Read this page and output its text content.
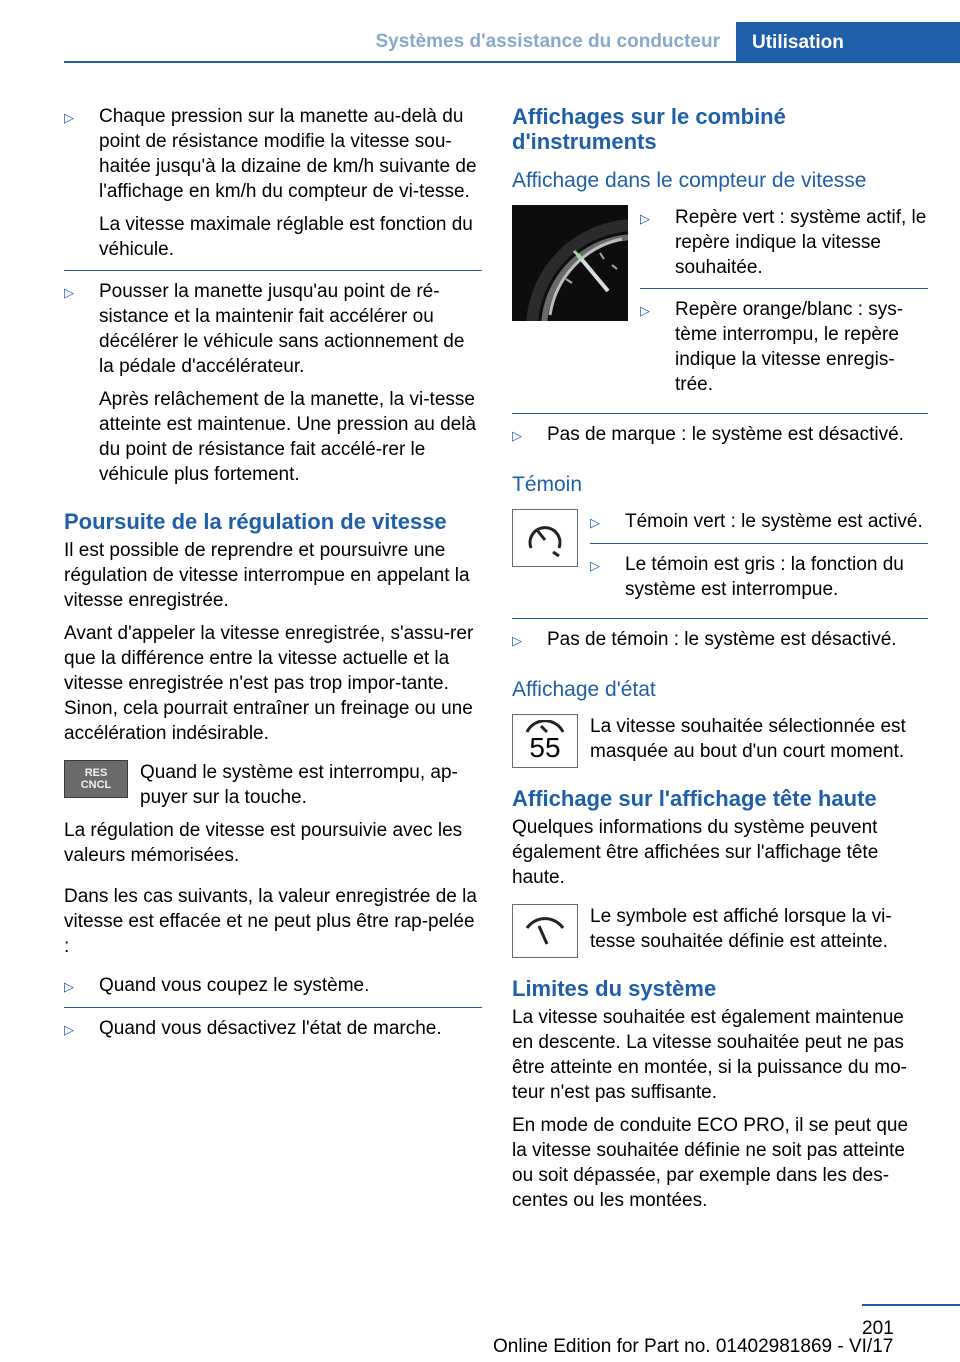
Systèmes d'assistance du conducteur	Utilisation
▷	Chaque pression sur la manette au-delà du point de résistance modifie la vitesse sou-haitée jusqu'à la dizaine de km/h suivante de l'affichage en km/h du compteur de vi-tesse.

La vitesse maximale réglable est fonction du véhicule.

▷	Pousser la manette jusqu'au point de ré-sistance et la maintenir fait accélérer ou décélérer le véhicule sans actionnement de la pédale d'accélérateur.

Après relâchement de la manette, la vi-tesse atteinte est maintenue. Une pression au delà du point de résistance fait accélé-rer le véhicule plus fortement.

Poursuite de la régulation de vitesse

Il est possible de reprendre et poursuivre une régulation de vitesse interrompue en appelant la vitesse enregistrée.

Avant d'appeler la vitesse enregistrée, s'assu-rer que la différence entre la vitesse actuelle et la vitesse enregistrée n'est pas trop impor-tante. Sinon, cela pourrait entraîner un freinage ou une accélération indésirable.

RES
CNCL
Quand le système est interrompu, ap-puyer sur la touche.

La régulation de vitesse est poursuivie avec les valeurs mémorisées.

Dans les cas suivants, la valeur enregistrée de la vitesse est effacée et ne peut plus être rap-pelée :

▷	Quand vous coupez le système.
▷	Quand vous désactivez l'état de marche.
Affichages sur le combiné d'instruments
Affichage dans le compteur de vitesse
▷	Repère vert : système actif, le repère indique la vitesse souhaitée.
▷	Repère orange/blanc : sys-tème interrompu, le repère indique la vitesse enregis-trée.
▷	Pas de marque : le système est désactivé.
Témoin
▷	Témoin vert : le système est activé.
▷	Le témoin est gris : la fonction du système est interrompue.
▷	Pas de témoin : le système est désactivé.
Affichage d'état
55
La vitesse souhaitée sélectionnée est masquée au bout d'un court moment.
Affichage sur l'affichage tête haute

Quelques informations du système peuvent également être affichées sur l'affichage tête haute.

Le symbole est affiché lorsque la vi-tesse souhaitée définie est atteinte.
Limites du système

La vitesse souhaitée est également maintenue en descente. La vitesse souhaitée peut ne pas être atteinte en montée, si la puissance du mo-teur n'est pas suffisante.

En mode de conduite ECO PRO, il se peut que la vitesse souhaitée définie ne soit pas atteinte ou soit dépassée, par exemple dans les des-centes ou les montées.

201
Online Edition for Part no. 01402981869 - VI/17
